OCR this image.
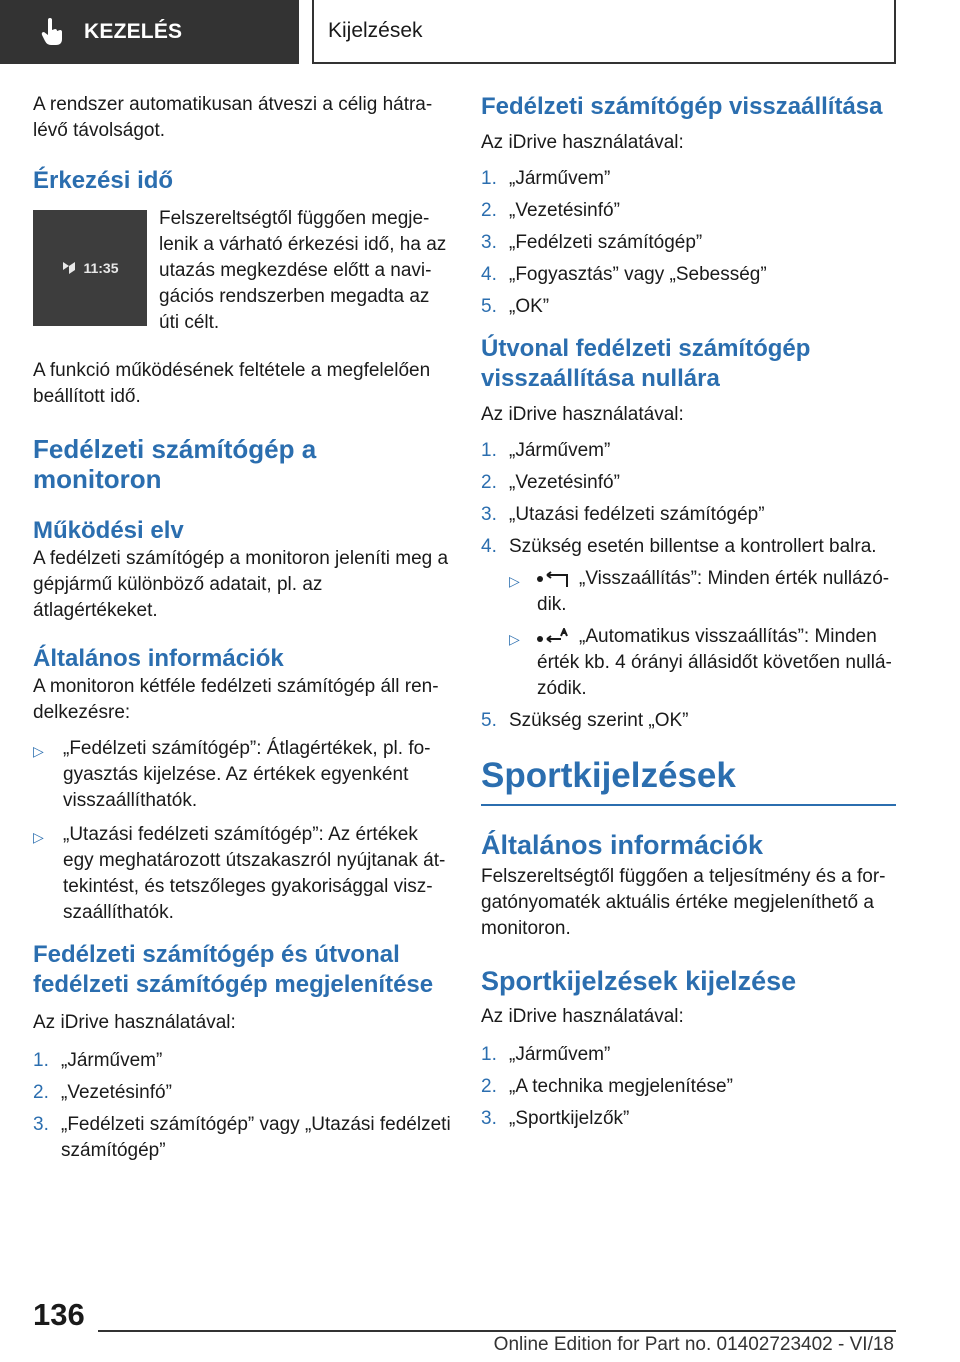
KEZELÉS	Kijelzések

A rendszer automatikusan átveszi a célig hátralévő távolságot.

Érkezési idő
11:35

Felszereltségtől függően megjelenik a várható érkezési idő, ha az utazás megkezdése előtt a navigációs rendszerben megadta az úti célt.

A funkció működésének feltétele a megfelelően beállított idő.

Fedélzeti számítógép a monitoron
Működési elv

A fedélzeti számítógép a monitoron jeleníti meg a gépjármű különböző adatait, pl. az átlagértékeket.

Általános információk

A monitoron kétféle fedélzeti számítógép áll rendelkezésre:

▷	„Fedélzeti számítógép”: Átlagértékek, pl. fogyasztás kijelzése. Az értékek egyenként visszaállíthatók.
▷	„Utazási fedélzeti számítógép”: Az értékek egy meghatározott útszakaszról nyújtanak áttekintést, és tetszőleges gyakorisággal viszszaállíthatók.
Fedélzeti számítógép és útvonal fedélzeti számítógép megjelenítése

Az iDrive használatával:

1. „Járművem”
2. „Vezetésinfó”
3. „Fedélzeti számítógép” vagy „Utazási fedélzeti számítógép”
Fedélzeti számítógép visszaállítása

Az iDrive használatával:

1. „Járművem”
2. „Vezetésinfó”
3. „Fedélzeti számítógép”
4. „Fogyasztás” vagy „Sebesség”
5. „OK”
Útvonal fedélzeti számítógép visszaállítása nullára

Az iDrive használatával:

1. „Járművem”
2. „Vezetésinfó”
3. „Utazási fedélzeti számítógép”
4. Szükség esetén billentse a kontrollert balra.
▷	„Visszaállítás”: Minden érték nullázódik.
▷	„Automatikus visszaállítás”: Minden érték kb. 4 órányi állásidőt követően nullázódik.
5. Szükség szerint „OK”
Sportkijelzések
Általános információk

Felszereltségtől függően a teljesítmény és a forgatónyomaték aktuális értéke megjeleníthető a monitoron.

Sportkijelzések kijelzése

Az iDrive használatával:

1. „Járművem”
2. „A technika megjelenítése”
3. „Sportkijelzők”
136
Online Edition for Part no. 01402723402 - VI/18
